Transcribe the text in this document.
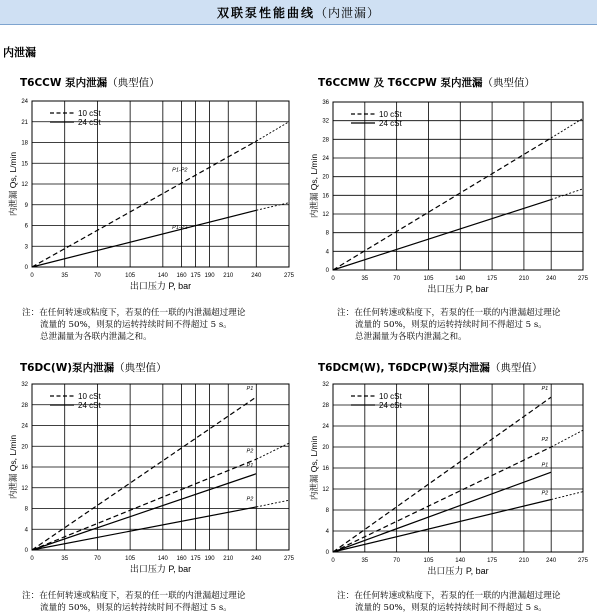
双联泵性能曲线（内泄漏）
内泄漏
T6CCW 泵内泄漏（典型值）
0	35	70	105	140 160 175 190 210	240	275
0
3
6
9
12
15
18
21
24
出口压力 P, bar
内泄漏 Qs, L/min
10 cSt
24 cSt
P1-P2
P1-P2
注：在任何转速或粘度下，若泵的任一联的内泄漏超过理论
流量的 50%，则泵的运转持续时间不得超过 5 s。
总泄漏量为各联内泄漏之和。
T6CCMW 及 T6CCPW 泵内泄漏（典型值）
0	35	70	105	140	175	210	240	275
0
4
8
12
16
20
24
28
32
36
出口压力 P, bar
内泄漏 Qs, L/min
10 cSt
24 cSt
注：在任何转速或粘度下，若泵的任一联的内泄漏超过理论
流量的 50%，则泵的运转持续时间不得超过 5 s。
总泄漏量为各联内泄漏之和。
T6DC(W)泵内泄漏（典型值）
0	35	70	105	140 160 175 190 210	240	275
0
4
8
12
16
20
24
28
32
出口压力 P, bar
内泄漏 Qs, L/min
10 cSt
24 cSt
P1
P2
P1
P2
注：在任何转速或粘度下，若泵的任一联的内泄漏超过理论
流量的 50%，则泵的运转持续时间不得超过 5 s。
T6DCM(W), T6DCP(W)泵内泄漏（典型值）
0	35	70	105	140	175	210	240	275
0
4
8
12
16
20
24
28
32
出口压力 P, bar
内泄漏 Qs, L/min
10 cSt
24 cSt
P1
P2
P1
P2
注：在任何转速或粘度下，若泵的任一联的内泄漏超过理论
流量的 50%，则泵的运转持续时间不得超过 5 s。
